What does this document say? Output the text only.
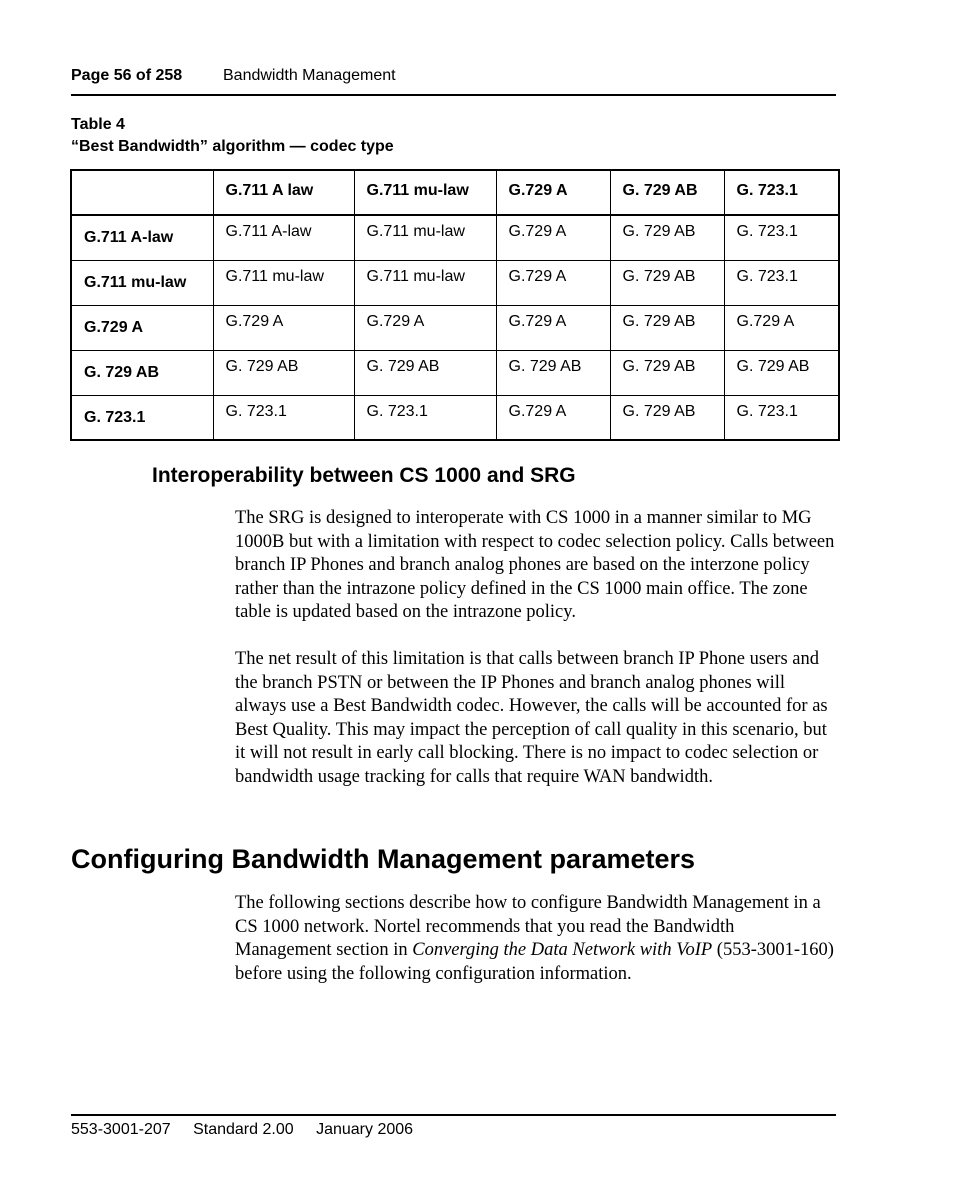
Page 56 of 258	Bandwidth Management
Table 4
“Best Bandwidth” algorithm — codec type
	G.711 A law	G.711 mu-law	G.729 A	G. 729 AB	G. 723.1
G.711 A-law	G.711 A-law	G.711 mu-law	G.729 A	G. 729 AB	G. 723.1
G.711 mu-law	G.711 mu-law	G.711 mu-law	G.729 A	G. 729 AB	G. 723.1
G.729 A	G.729 A	G.729 A	G.729 A	G. 729 AB	G.729 A
G. 729 AB	G. 729 AB	G. 729 AB	G. 729 AB	G. 729 AB	G. 729 AB
G. 723.1	G. 723.1	G. 723.1	G.729 A	G. 729 AB	G. 723.1
Interoperability between CS 1000 and SRG

The SRG is designed to interoperate with CS 1000 in a manner similar to MG 1000B but with a limitation with respect to codec selection policy. Calls between branch IP Phones and branch analog phones are based on the interzone policy rather than the intrazone policy defined in the CS 1000 main office. The zone table is updated based on the intrazone policy.

The net result of this limitation is that calls between branch IP Phone users and the branch PSTN or between the IP Phones and branch analog phones will always use a Best Bandwidth codec. However, the calls will be accounted for as Best Quality. This may impact the perception of call quality in this scenario, but it will not result in early call blocking. There is no impact to codec selection or bandwidth usage tracking for calls that require WAN bandwidth.

Configuring Bandwidth Management parameters

The following sections describe how to configure Bandwidth Management in a CS 1000 network. Nortel recommends that you read the Bandwidth Management section in Converging the Data Network with VoIP (553-3001-160) before using the following configuration information.

553-3001-207 Standard 2.00 January 2006
